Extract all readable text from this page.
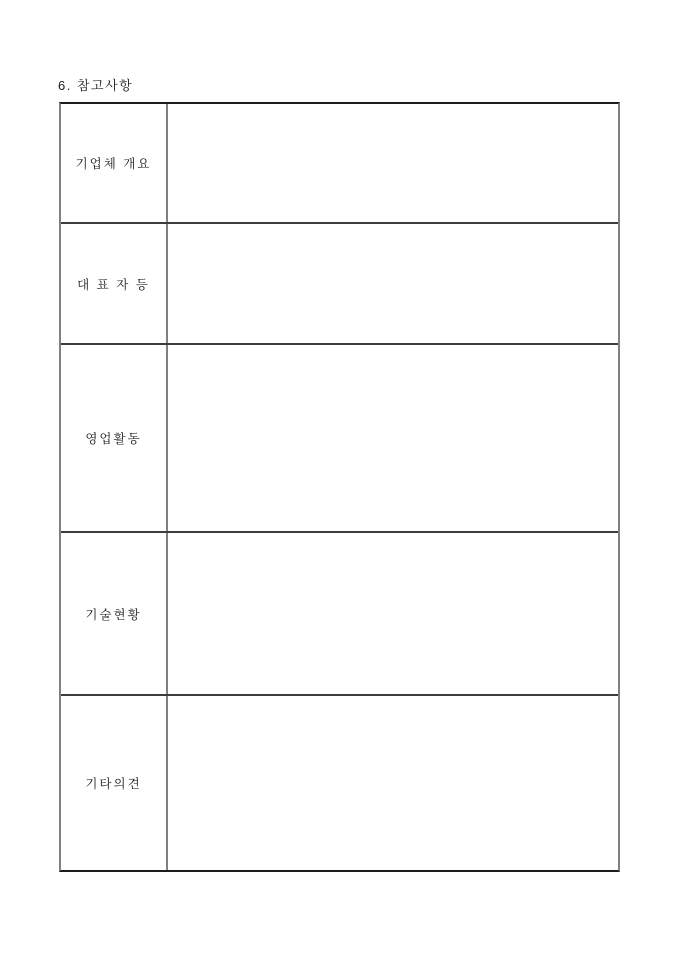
6. 참고사항
기업체 개요
대 표 자 등
영업활동
기술현황
기타의견
